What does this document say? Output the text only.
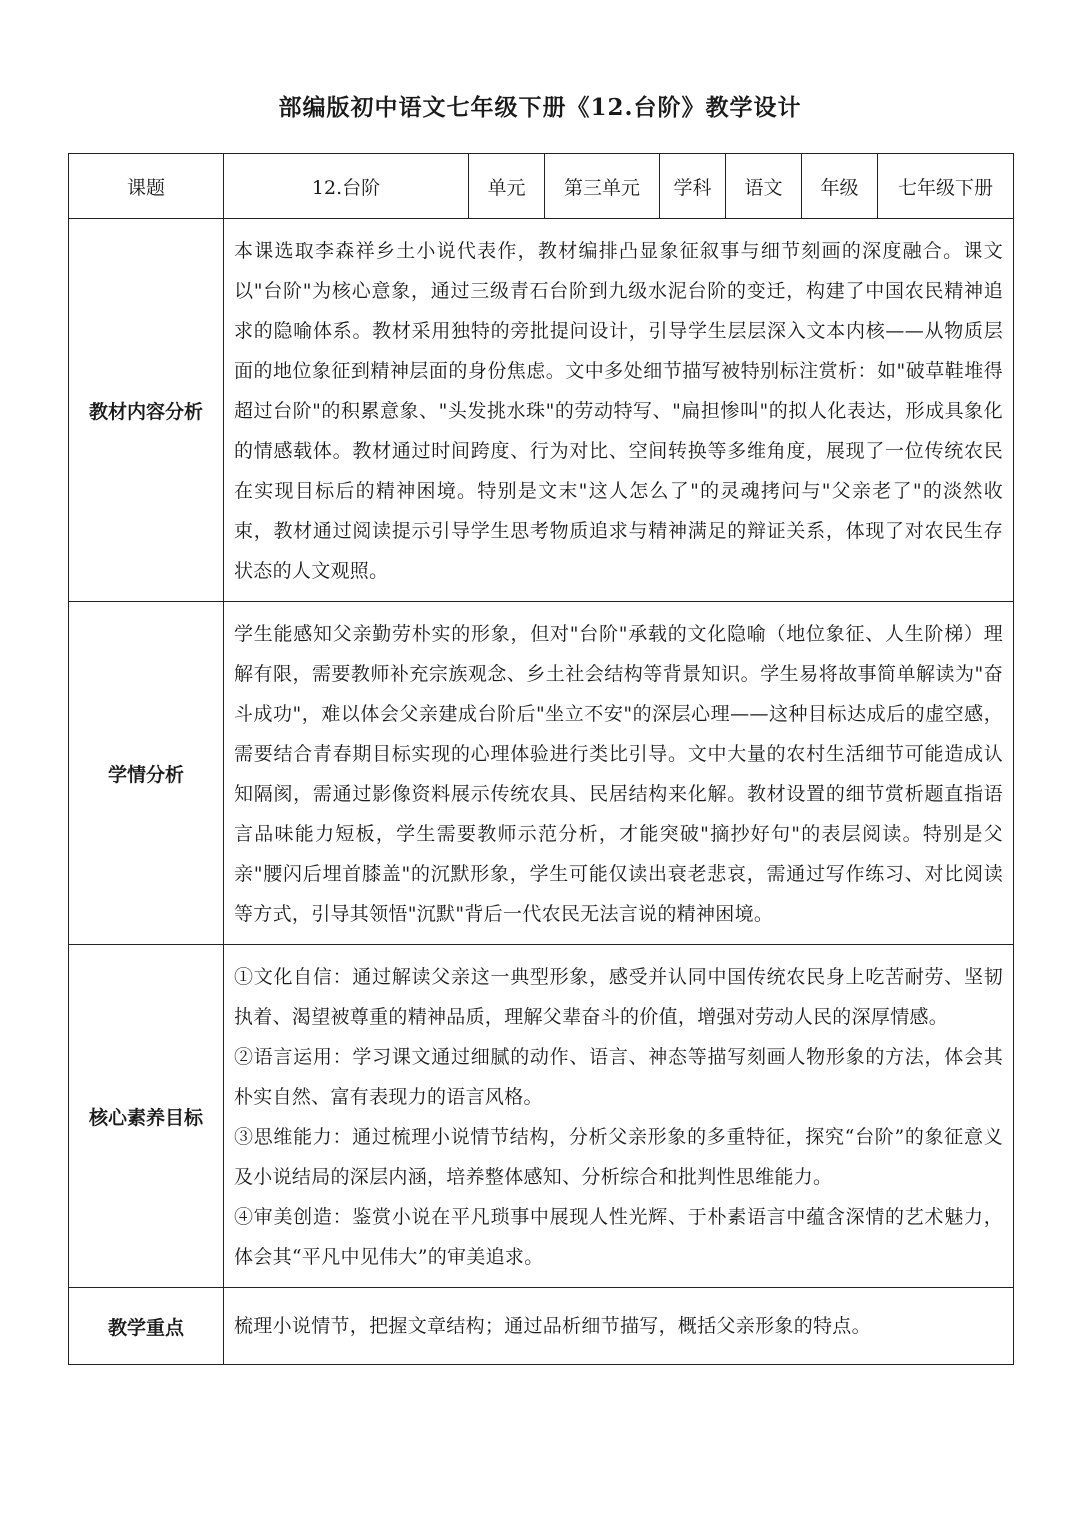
部编版初中语文七年级下册《12.台阶》教学设计
课题	12.台阶	单元	第三单元	学科	语文	年级	七年级下册
教材内容分析	本课选取李森祥乡土小说代表作，教材编排凸显象征叙事与细节刻画的深度融合。课文以"台阶"为核心意象，通过三级青石台阶到九级水泥台阶的变迁，构建了中国农民精神追求的隐喻体系。教材采用独特的旁批提问设计，引导学生层层深入文本内核——从物质层面的地位象征到精神层面的身份焦虑。文中多处细节描写被特别标注赏析：如"破草鞋堆得超过台阶"的积累意象、"头发挑水珠"的劳动特写、"扁担惨叫"的拟人化表达，形成具象化的情感载体。教材通过时间跨度、行为对比、空间转换等多维角度，展现了一位传统农民在实现目标后的精神困境。特别是文末"这人怎么了"的灵魂拷问与"父亲老了"的淡然收束，教材通过阅读提示引导学生思考物质追求与精神满足的辩证关系，体现了对农民生存状态的人文观照。						
学情分析	学生能感知父亲勤劳朴实的形象，但对"台阶"承载的文化隐喻（地位象征、人生阶梯）理解有限，需要教师补充宗族观念、乡土社会结构等背景知识。学生易将故事简单解读为"奋斗成功"，难以体会父亲建成台阶后"坐立不安"的深层心理——这种目标达成后的虚空感，需要结合青春期目标实现的心理体验进行类比引导。文中大量的农村生活细节可能造成认知隔阂，需通过影像资料展示传统农具、民居结构来化解。教材设置的细节赏析题直指语言品味能力短板，学生需要教师示范分析，才能突破"摘抄好句"的表层阅读。特别是父亲"腰闪后埋首膝盖"的沉默形象，学生可能仅读出衰老悲哀，需通过写作练习、对比阅读等方式，引导其领悟"沉默"背后一代农民无法言说的精神困境。						
核心素养目标	①文化自信：通过解读父亲这一典型形象，感受并认同中国传统农民身上吃苦耐劳、坚韧执着、渴望被尊重的精神品质，理解父辈奋斗的价值，增强对劳动人民的深厚情感。

②语言运用：学习课文通过细腻的动作、语言、神态等描写刻画人物形象的方法，体会其朴实自然、富有表现力的语言风格。

③思维能力：通过梳理小说情节结构，分析父亲形象的多重特征，探究“台阶”的象征意义及小说结局的深层内涵，培养整体感知、分析综合和批判性思维能力。

④审美创造：鉴赏小说在平凡琐事中展现人性光辉、于朴素语言中蕴含深情的艺术魅力，体会其“平凡中见伟大”的审美追求。						

教学重点	梳理小说情节，把握文章结构；通过品析细节描写，概括父亲形象的特点。						
